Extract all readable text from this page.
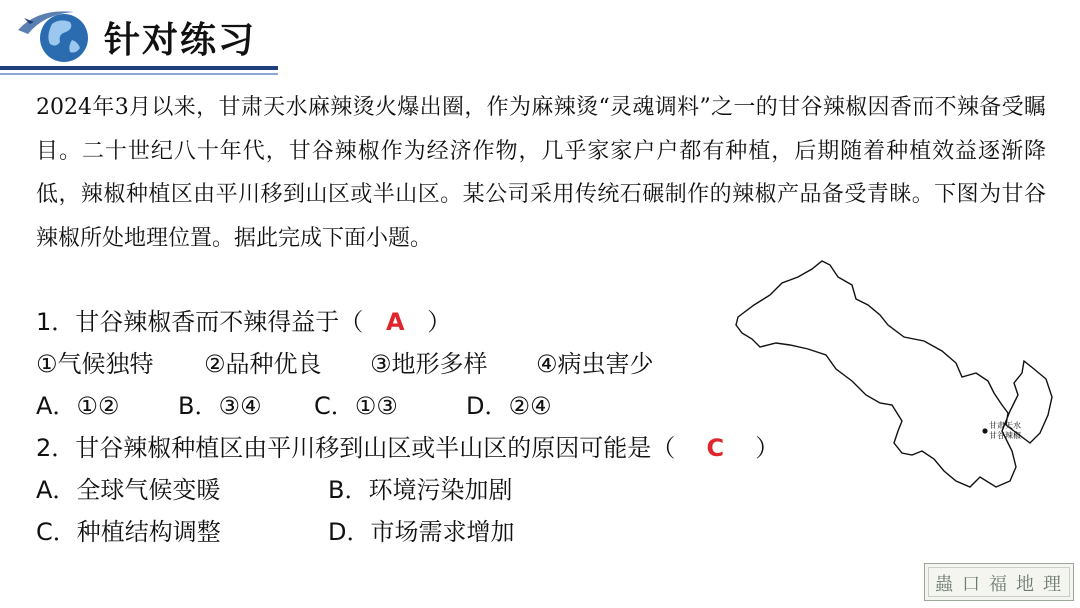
针对练习
2024年3月以来，甘肃天水麻辣烫火爆出圈，作为麻辣烫“灵魂调料”之一的甘谷辣椒因香而不辣备受瞩目。二十世纪八十年代，甘谷辣椒作为经济作物，几乎家家户户都有种植，后期随着种植效益逐渐降低，辣椒种植区由平川移到山区或半山区。某公司采用传统石碾制作的辣椒产品备受青睐。下图为甘谷辣椒所处地理位置。据此完成下面小题。
1．甘谷辣椒香而不辣得益于（ A ）
①气候独特 ②品种优良 ③地形多样 ④病虫害少
A．①② B．③④ C．①③	D．②④
2．甘谷辣椒种植区由平川移到山区或半山区的原因可能是（ C ）
A．全球气候变暖	B．环境污染加剧
C．种植结构调整	D．市场需求增加
甘肃天水
甘谷辣椒
蟲 口 福 地 理
